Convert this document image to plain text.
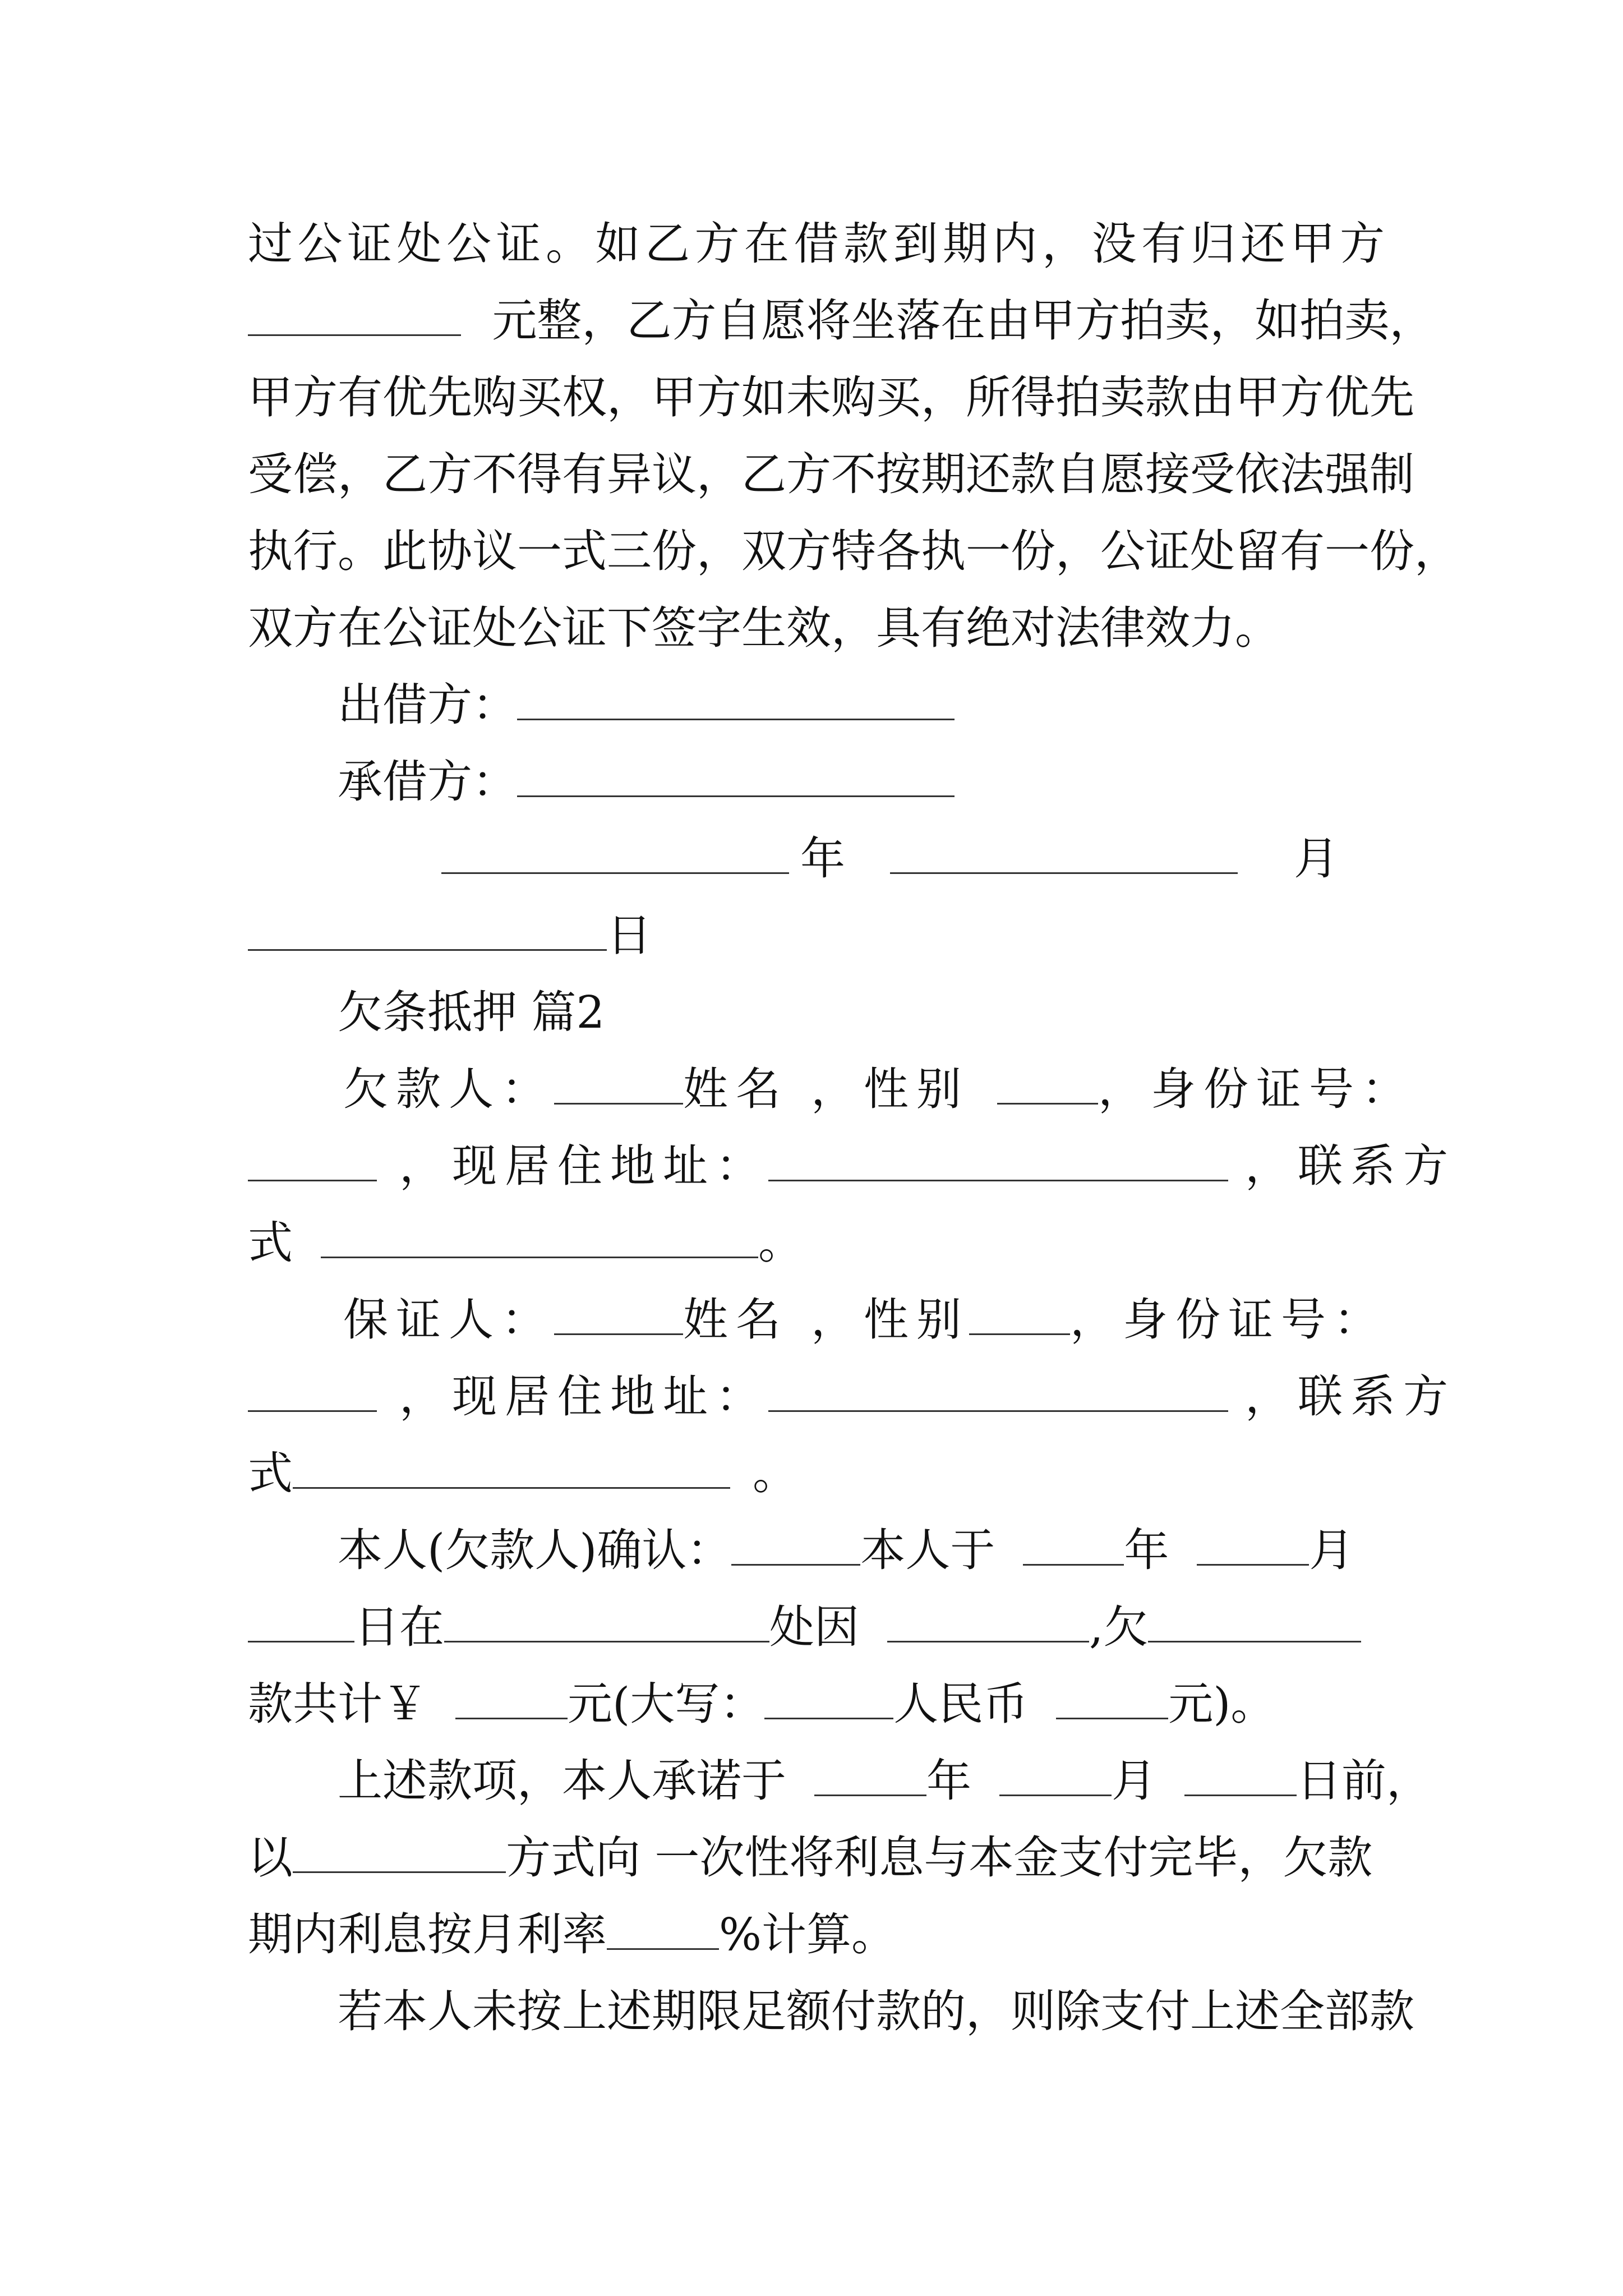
过公证处公证。如乙方在借款到期内，没有归还甲方
元整，乙方自愿将坐落在由甲方拍卖，如拍卖，
甲方有优先购买权，甲方如未购买，所得拍卖款由甲方优先
受偿，乙方不得有异议，乙方不按期还款自愿接受依法强制
执行。此协议一式三份，双方特各执一份，公证处留有一份，
双方在公证处公证下签字生效，具有绝对法律效力。
出借方：
承借方：
年	月
日
欠条抵押 篇2
欠款人：	姓名 ，性别	，身份证号：
，现居住地址：	，联系方
式	。
保证人：	姓名 ，性别 ，身份证号：
，现居住地址：	，联系方
式	。
本人(欠款人)确认：	本人于	年	月
日在	处因	,欠
款共计￥	元(大写：	人民币	元)。
上述款项，本人承诺于	年	月	日前，
以	方式向 一次性将利息与本金支付完毕，欠款
期内利息按月利率	%计算。
若本人未按上述期限足额付款的，则除支付上述全部款
